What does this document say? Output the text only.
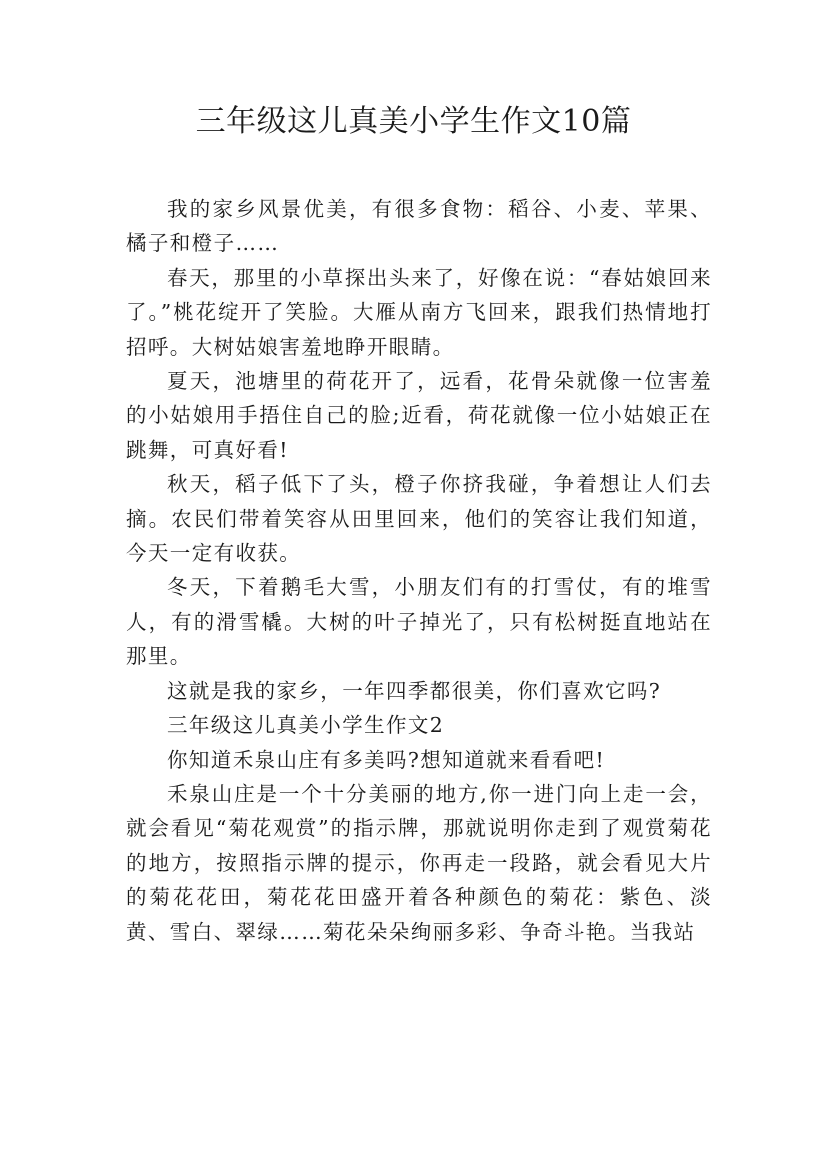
三年级这儿真美小学生作文10篇

我的家乡风景优美，有很多食物：稻谷、小麦、苹果、橘子和橙子……

春天，那里的小草探出头来了，好像在说：“春姑娘回来了。”桃花绽开了笑脸。大雁从南方飞回来，跟我们热情地打招呼。大树姑娘害羞地睁开眼睛。

夏天，池塘里的荷花开了，远看，花骨朵就像一位害羞的小姑娘用手捂住自己的脸;近看，荷花就像一位小姑娘正在跳舞，可真好看!

秋天，稻子低下了头，橙子你挤我碰，争着想让人们去摘。农民们带着笑容从田里回来，他们的笑容让我们知道，今天一定有收获。

冬天，下着鹅毛大雪，小朋友们有的打雪仗，有的堆雪人，有的滑雪橇。大树的叶子掉光了，只有松树挺直地站在那里。

这就是我的家乡，一年四季都很美，你们喜欢它吗?

三年级这儿真美小学生作文2

你知道禾泉山庄有多美吗?想知道就来看看吧!

禾泉山庄是一个十分美丽的地方,你一进门向上走一会，就会看见“菊花观赏”的指示牌，那就说明你走到了观赏菊花的地方，按照指示牌的提示，你再走一段路，就会看见大片的菊花花田，菊花花田盛开着各种颜色的菊花：紫色、淡黄、雪白、翠绿……菊花朵朵绚丽多彩、争奇斗艳。当我站
